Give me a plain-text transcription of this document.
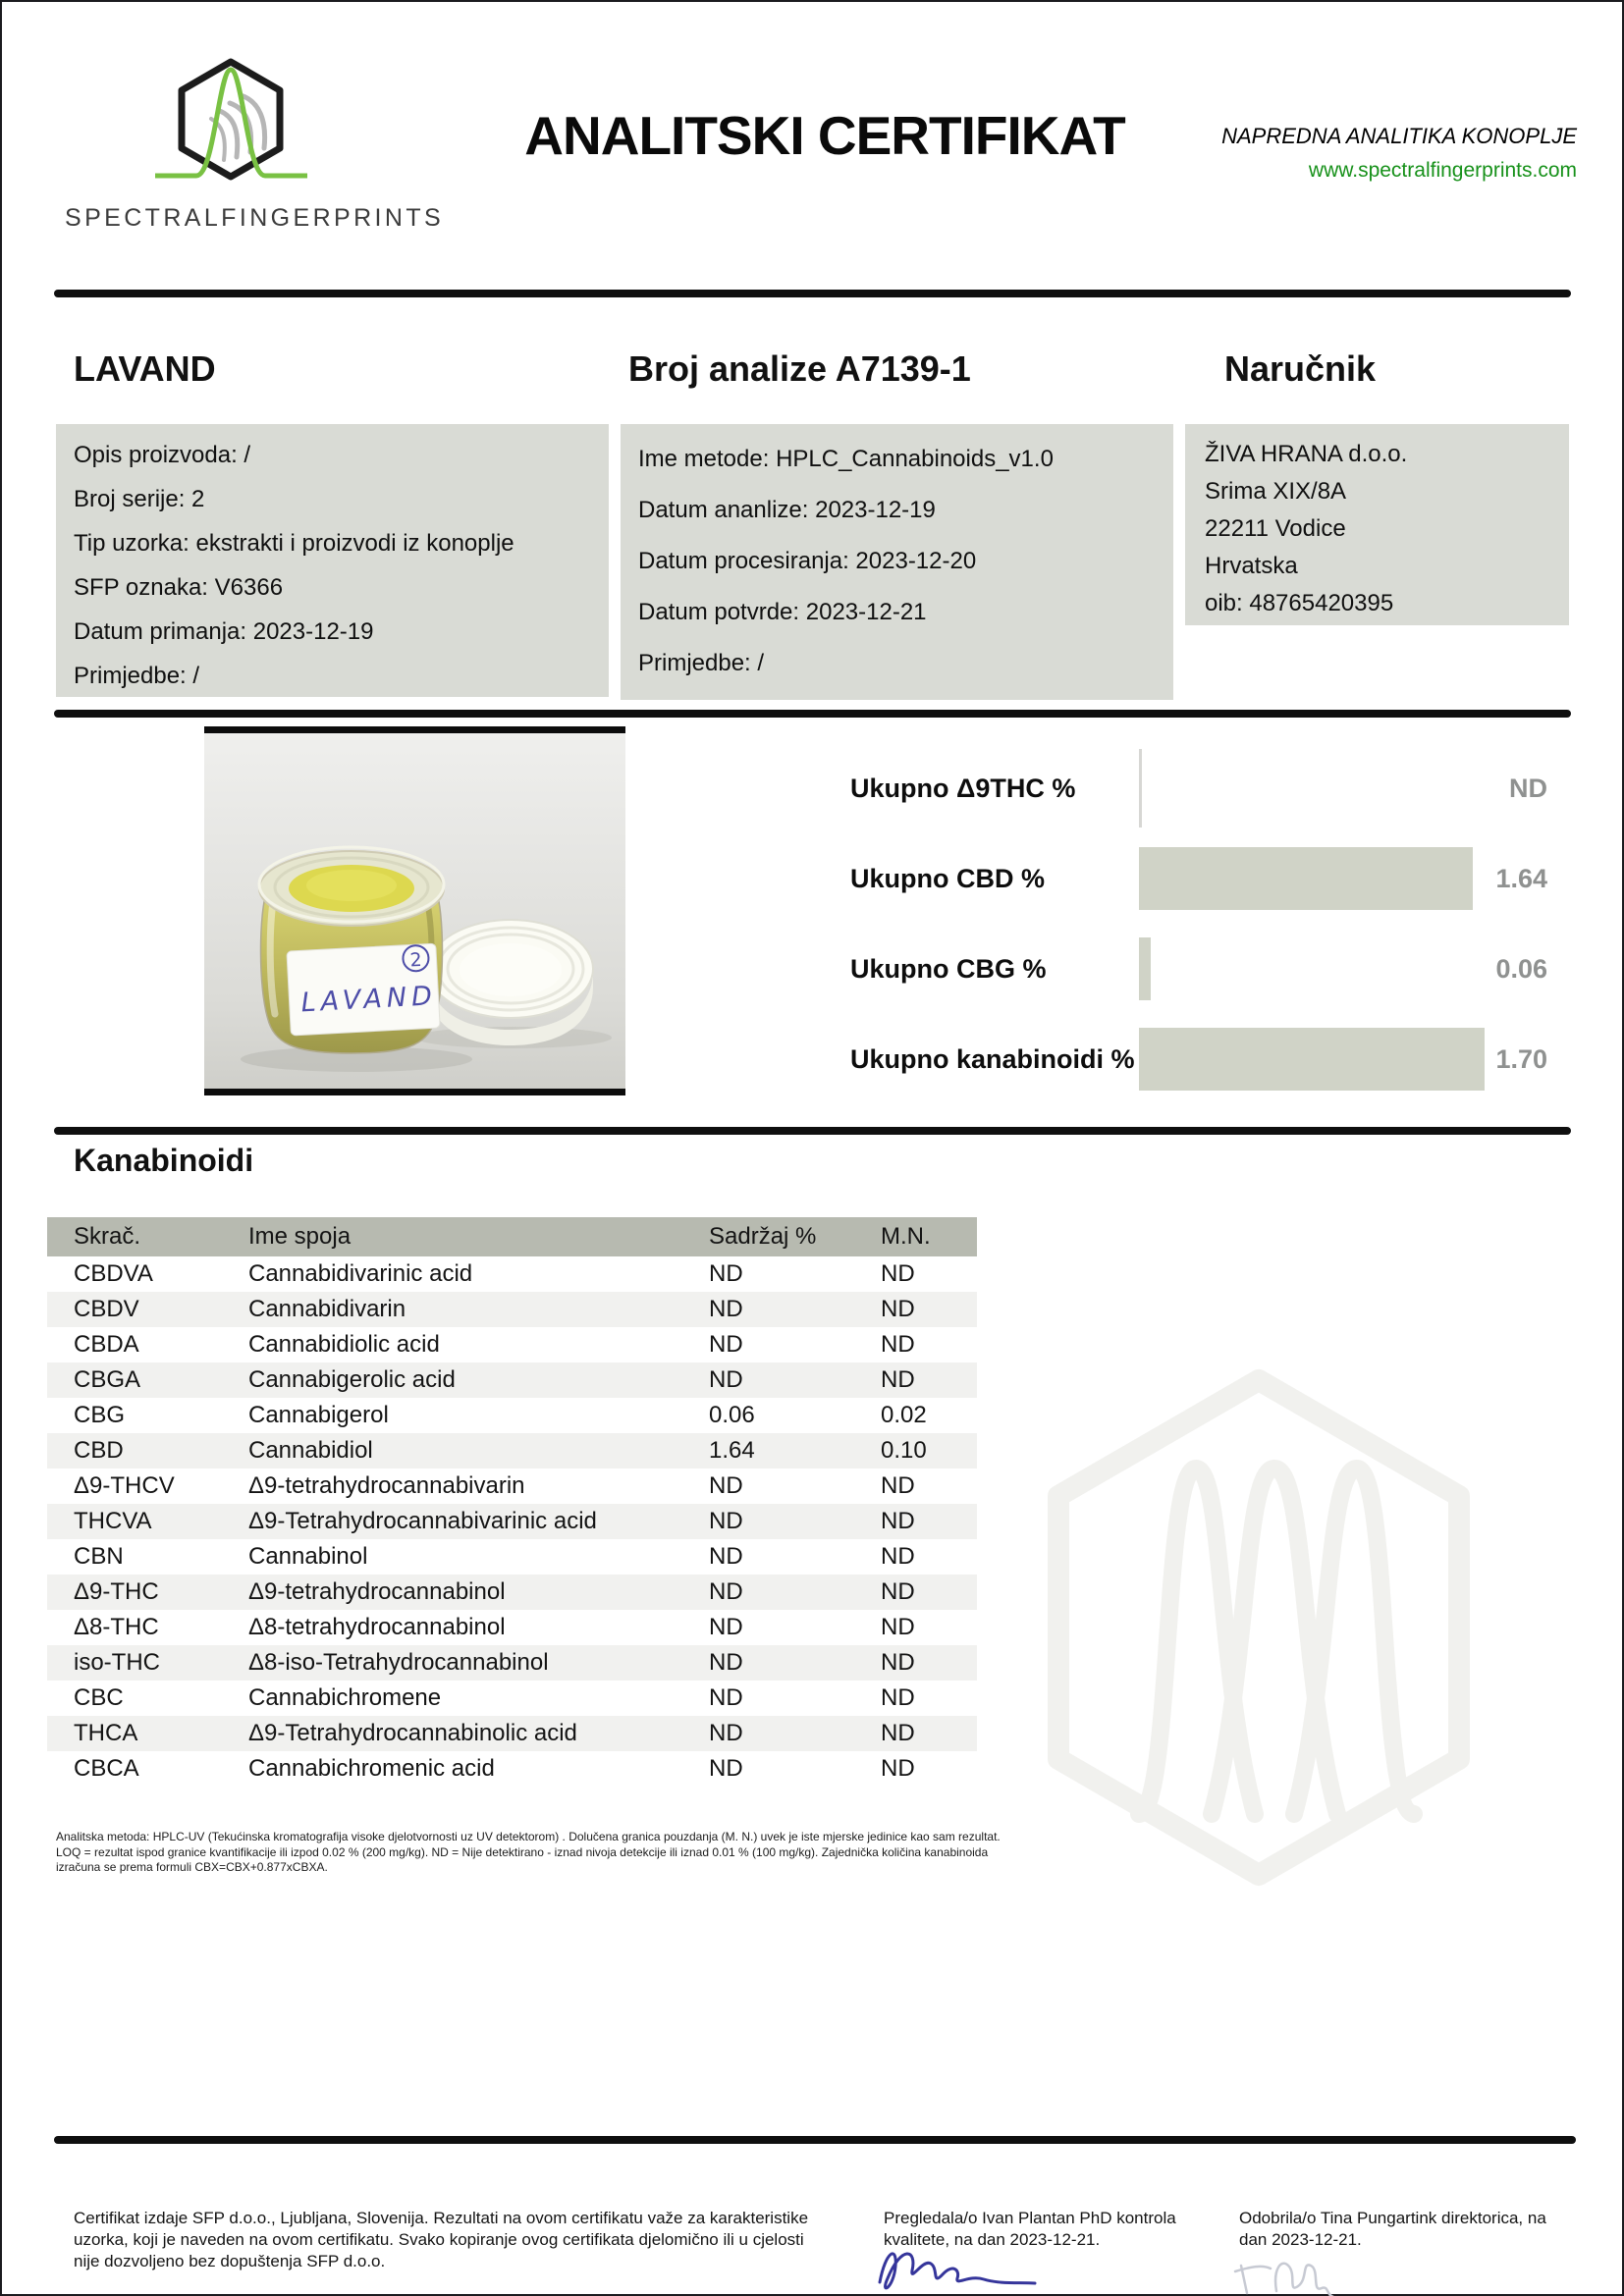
SPECTRALFINGERPRINTS
ANALITSKI CERTIFIKAT	NAPREDNA ANALITIKA KONOPLJE
www.spectralfingerprints.com
LAVAND	Broj analize A7139-1	Naručnik
Opis proizvoda: /
Broj serije: 2
Tip uzorka: ekstrakti i proizvodi iz konoplje
SFP oznaka: V6366
Datum primanja: 2023-12-19
Primjedbe: /
Ime metode: HPLC_Cannabinoids_v1.0
Datum ananlize: 2023-12-19
Datum procesiranja: 2023-12-20
Datum potvrde: 2023-12-21
Primjedbe: /
ŽIVA HRANA d.o.o.
Srima XIX/8A
22211 Vodice
Hrvatska
oib: 48765420395
LAVAND
2
Ukupno Δ9THC %	ND
Ukupno CBD %	1.64
Ukupno CBG %	0.06
Ukupno kanabinoidi %	1.70
Kanabinoidi
Skrač.	Ime spoja	Sadržaj %	M.N.
CBDVA	Cannabidivarinic acid	ND	ND
CBDV	Cannabidivarin	ND	ND
CBDA	Cannabidiolic acid	ND	ND
CBGA	Cannabigerolic acid	ND	ND
CBG	Cannabigerol	0.06	0.02
CBD	Cannabidiol	1.64	0.10
Δ9-THCV	Δ9-tetrahydrocannabivarin	ND	ND
THCVA	Δ9-Tetrahydrocannabivarinic acid	ND	ND
CBN	Cannabinol	ND	ND
Δ9-THC	Δ9-tetrahydrocannabinol	ND	ND
Δ8-THC	Δ8-tetrahydrocannabinol	ND	ND
iso-THC	Δ8-iso-Tetrahydrocannabinol	ND	ND
CBC	Cannabichromene	ND	ND
THCA	Δ9-Tetrahydrocannabinolic acid	ND	ND
CBCA	Cannabichromenic acid	ND	ND
Analitska metoda: HPLC-UV (Tekućinska kromatografija visoke djelotvornosti uz UV detektorom) . Dolučena granica pouzdanja (M. N.) uvek je iste mjerske jedinice kao sam rezultat.
LOQ = rezultat ispod granice kvantifikacije ili izpod 0.02 % (200 mg/kg). ND = Nije detektirano - iznad nivoja detekcije ili iznad 0.01 % (100 mg/kg). Zajednička količina kanabinoida
izračuna se prema formuli CBX=CBX+0.877xCBXA.
Certifikat izdaje SFP d.o.o., Ljubljana, Slovenija. Rezultati na ovom certifikatu važe za karakteristike uzorka, koji je naveden na ovom certifikatu. Svako kopiranje ovog certifikata djelomično ili u cjelosti nije dozvoljeno bez dopuštenja SFP d.o.o.
Pregledala/o Ivan Plantan PhD kontrola kvalitete, na dan 2023-12-21.
Odobrila/o Tina Pungartink direktorica, na dan 2023-12-21.
